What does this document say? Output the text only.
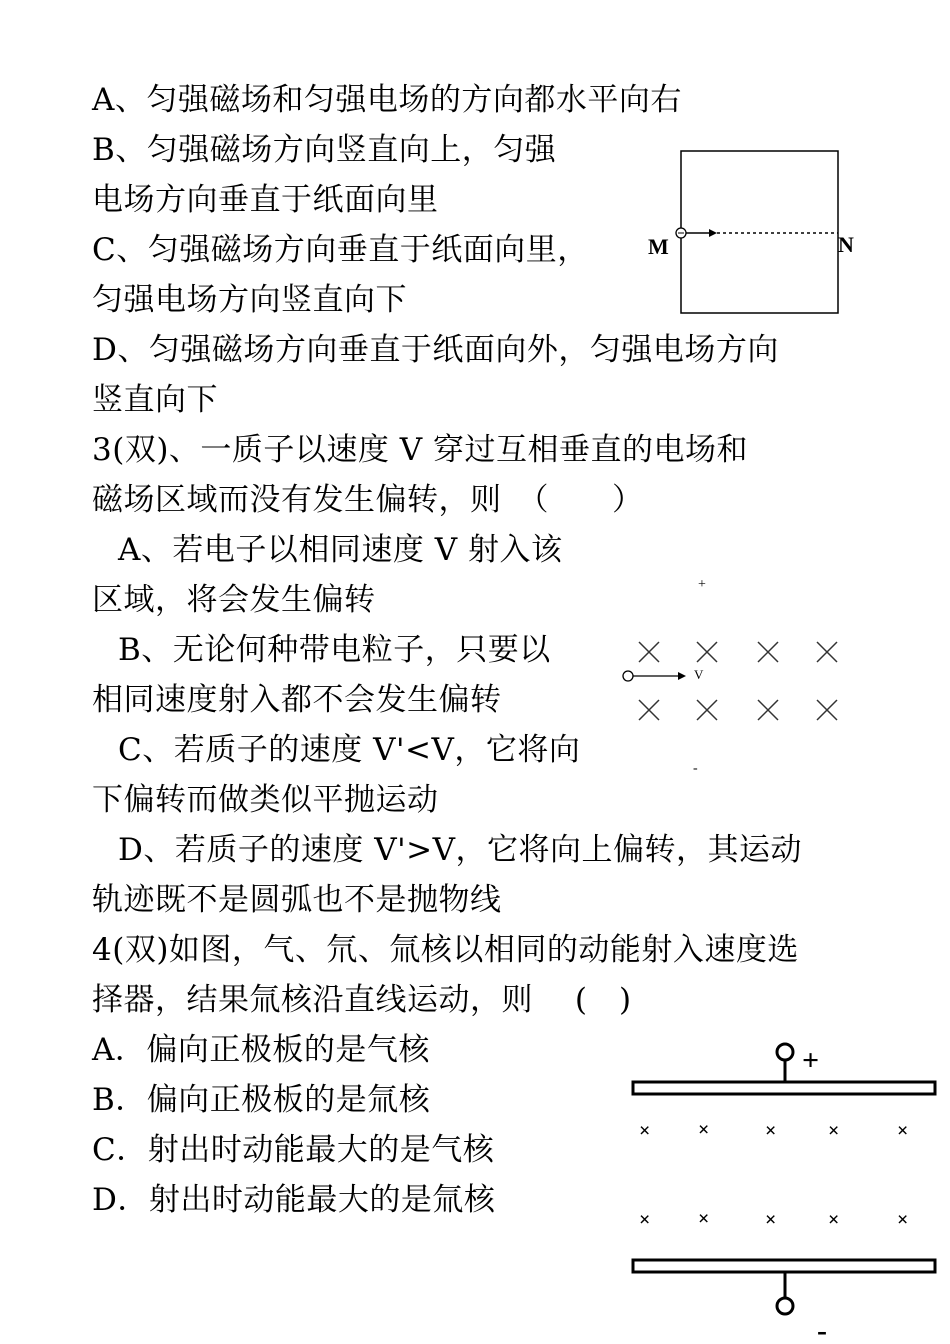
A、匀强磁场和匀强电场的方向都水平向右
B、匀强磁场方向竖直向上，匀强
电场方向垂直于纸面向里
C、匀强磁场方向垂直于纸面向里，
匀强电场方向竖直向下
D、匀强磁场方向垂直于纸面向外，匀强电场方向
竖直向下
3(双)、一质子以速度 V 穿过互相垂直的电场和
磁场区域而没有发生偏转，则　（　　）
A、若电子以相同速度 V 射入该
区域，将会发生偏转
B、无论何种带电粒子，只要以
相同速度射入都不会发生偏转
C、若质子的速度 V'<V，它将向
下偏转而做类似平抛运动
D、若质子的速度 V'>V，它将向上偏转，其运动
轨迹既不是圆弧也不是抛物线
4(双)如图，气、氘、氚核以相同的动能射入速度选
择器，结果氚核沿直线运动，则　 (　)
A．偏向正极板的是气核
B．偏向正极板的是氚核
C．射出时动能最大的是气核
D．射出时动能最大的是氚核
M	N
+
V
-
+
× ×	×	×	×
× ×	×	×	×
-
